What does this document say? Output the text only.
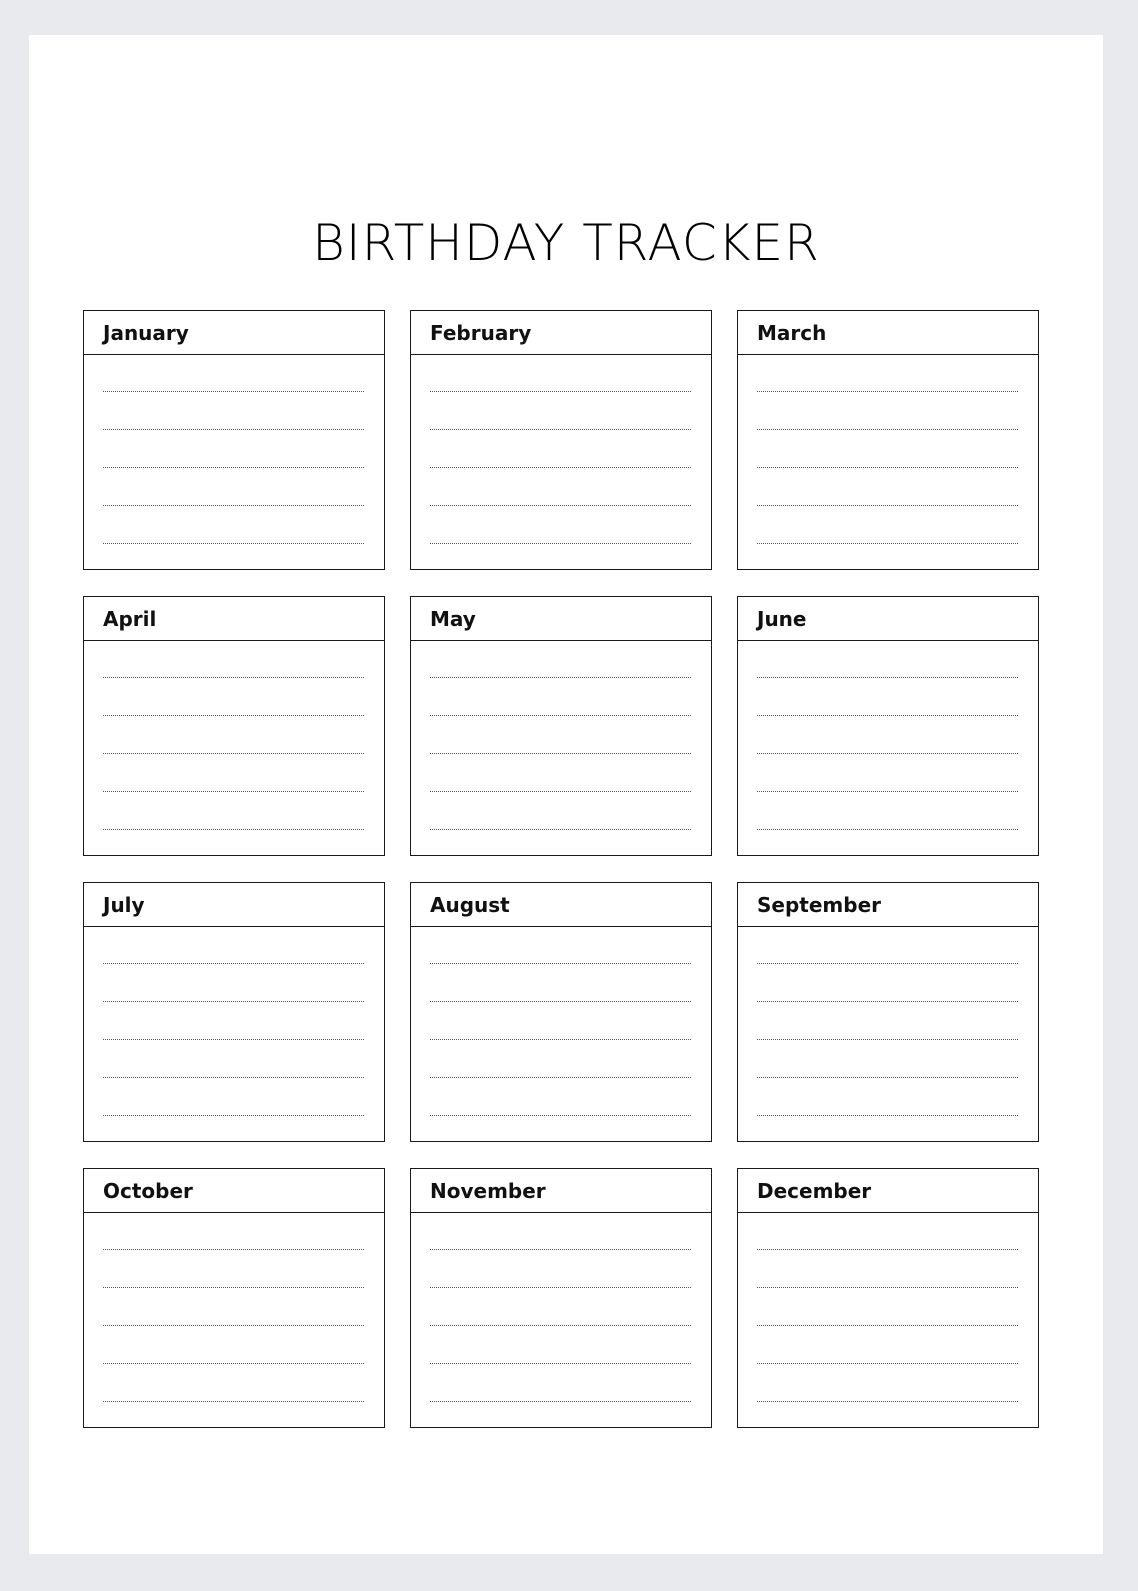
BIRTHDAY TRACKER
January	February	March
April	May	June
July	August	September
October	November	December
